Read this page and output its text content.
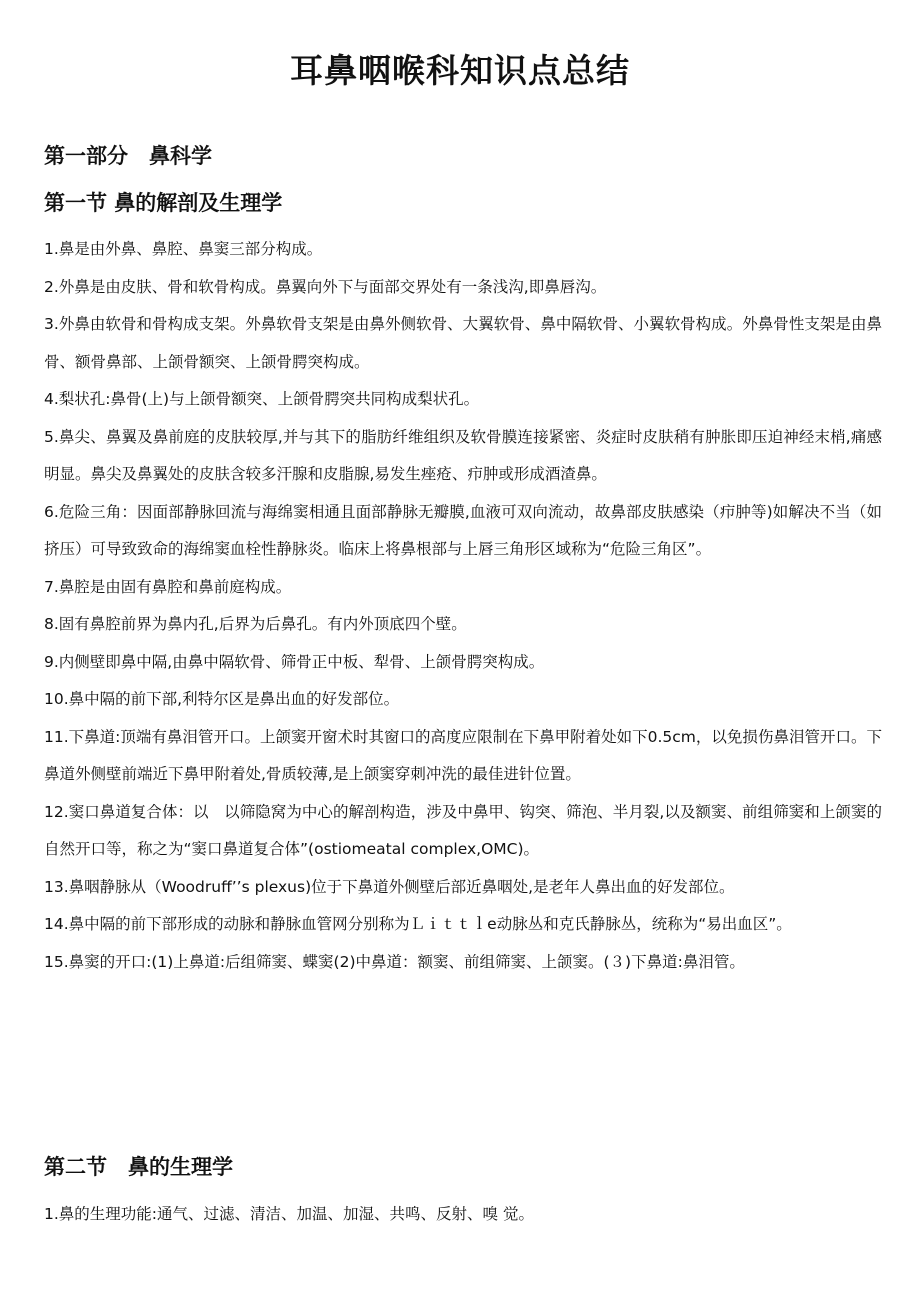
耳鼻咽喉科知识点总结
第一部分　鼻科学
第一节 鼻的解剖及生理学
1.鼻是由外鼻、鼻腔、鼻窦三部分构成。
2.外鼻是由皮肤、骨和软骨构成。鼻翼向外下与面部交界处有一条浅沟,即鼻唇沟。
3.外鼻由软骨和骨构成支架。外鼻软骨支架是由鼻外侧软骨、大翼软骨、鼻中隔软骨、小翼软骨构成。外鼻骨性支架是由鼻骨、额骨鼻部、上颌骨额突、上颌骨腭突构成。
4.梨状孔:鼻骨(上)与上颌骨额突、上颌骨腭突共同构成梨状孔。
5.鼻尖、鼻翼及鼻前庭的皮肤较厚,并与其下的脂肪纤维组织及软骨膜连接紧密、炎症时皮肤稍有肿胀即压迫神经末梢,痛感明显。鼻尖及鼻翼处的皮肤含较多汗腺和皮脂腺,易发生痤疮、疖肿或形成酒渣鼻。
6.危险三角：因面部静脉回流与海绵窦相通且面部静脉无瓣膜,血液可双向流动，故鼻部皮肤感染（疖肿等)如解决不当（如挤压）可导致致命的海绵窦血栓性静脉炎。临床上将鼻根部与上唇三角形区域称为“危险三角区”。
7.鼻腔是由固有鼻腔和鼻前庭构成。
8.固有鼻腔前界为鼻内孔,后界为后鼻孔。有内外顶底四个壁。
9.内侧壁即鼻中隔,由鼻中隔软骨、筛骨正中板、犁骨、上颌骨腭突构成。
10.鼻中隔的前下部,利特尔区是鼻出血的好发部位。
11.下鼻道:顶端有鼻泪管开口。上颌窦开窗术时其窗口的高度应限制在下鼻甲附着处如下0.5cm，以免损伤鼻泪管开口。下鼻道外侧壁前端近下鼻甲附着处,骨质较薄,是上颌窦穿刺冲洗的最佳进针位置。
12.窦口鼻道复合体：以　以筛隐窝为中心的解剖构造，涉及中鼻甲、钩突、筛泡、半月裂,以及额窦、前组筛窦和上颌窦的自然开口等，称之为“窦口鼻道复合体”(ostiomeatal complex,OMC)。
13.鼻咽静脉从（Woodruff’’s plexus)位于下鼻道外侧壁后部近鼻咽处,是老年人鼻出血的好发部位。
14.鼻中隔的前下部形成的动脉和静脉血管网分别称为Ｌｉｔｔｌe动脉丛和克氏静脉丛，统称为“易出血区”。
15.鼻窦的开口:(1)上鼻道:后组筛窦、蝶窦(2)中鼻道：额窦、前组筛窦、上颌窦。(３)下鼻道:鼻泪管。
第二节　鼻的生理学
1.鼻的生理功能:通气、过滤、清洁、加温、加湿、共鸣、反射、嗅 觉。
